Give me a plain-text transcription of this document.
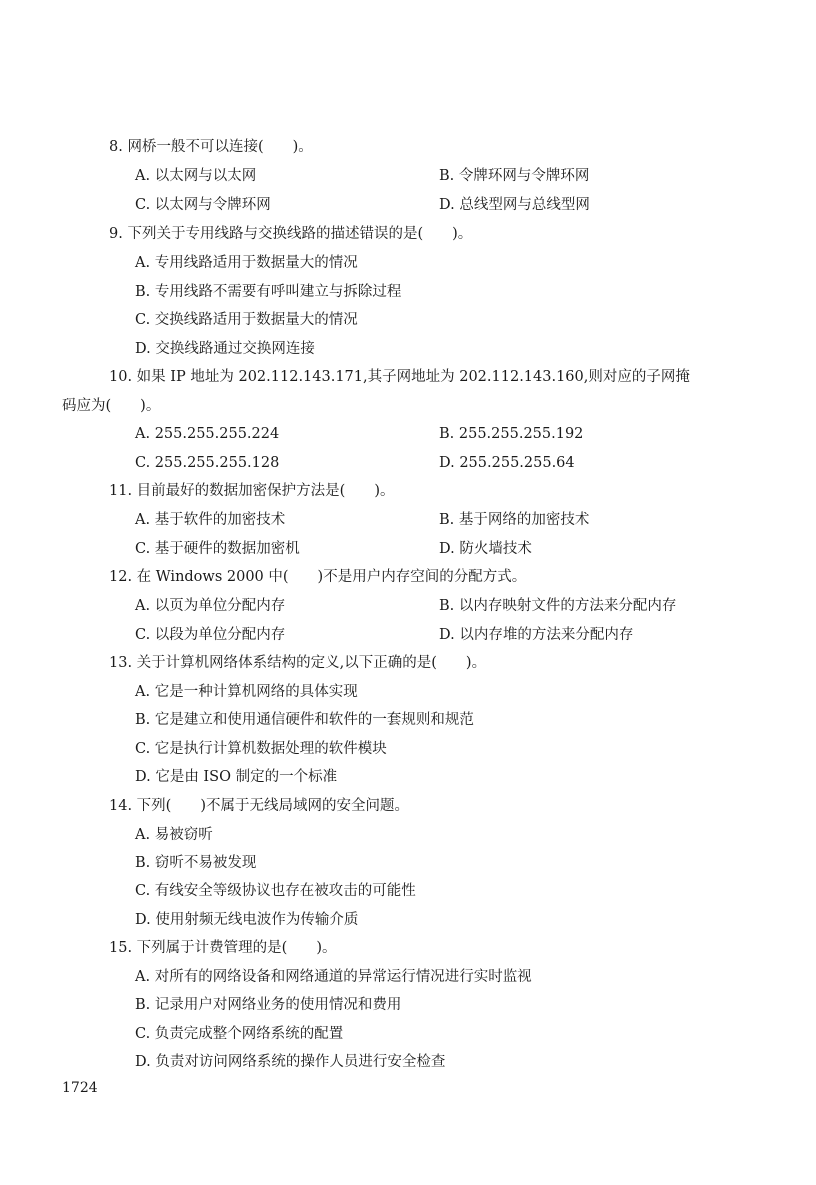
8. 网桥一般不可以连接(　　)。
A. 以太网与以太网	B. 令牌环网与令牌环网
C. 以太网与令牌环网	D. 总线型网与总线型网
9. 下列关于专用线路与交换线路的描述错误的是(　　)。
A. 专用线路适用于数据量大的情况
B. 专用线路不需要有呼叫建立与拆除过程
C. 交换线路适用于数据量大的情况
D. 交换线路通过交换网连接
10. 如果 IP 地址为 202.112.143.171,其子网地址为 202.112.143.160,则对应的子网掩
码应为(　　)。
A. 255.255.255.224	B. 255.255.255.192
C. 255.255.255.128	D. 255.255.255.64
11. 目前最好的数据加密保护方法是(　　)。
A. 基于软件的加密技术	B. 基于网络的加密技术
C. 基于硬件的数据加密机	D. 防火墙技术
12. 在 Windows 2000 中(　　)不是用户内存空间的分配方式。
A. 以页为单位分配内存	B. 以内存映射文件的方法来分配内存
C. 以段为单位分配内存	D. 以内存堆的方法来分配内存
13. 关于计算机网络体系结构的定义,以下正确的是(　　)。
A. 它是一种计算机网络的具体实现
B. 它是建立和使用通信硬件和软件的一套规则和规范
C. 它是执行计算机数据处理的软件模块
D. 它是由 ISO 制定的一个标准
14. 下列(　　)不属于无线局域网的安全问题。
A. 易被窃听
B. 窃听不易被发现
C. 有线安全等级协议也存在被攻击的可能性
D. 使用射频无线电波作为传输介质
15. 下列属于计费管理的是(　　)。
A. 对所有的网络设备和网络通道的异常运行情况进行实时监视
B. 记录用户对网络业务的使用情况和费用
C. 负责完成整个网络系统的配置
D. 负责对访问网络系统的操作人员进行安全检查
1724
